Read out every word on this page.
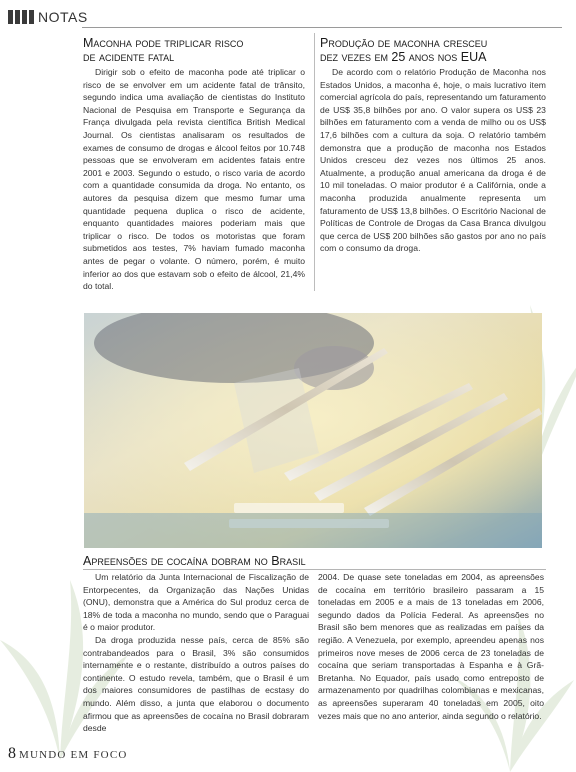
NOTAS
Maconha pode triplicar risco
de acidente fatal

Dirigir sob o efeito de maconha pode até triplicar o risco de se envolver em um acidente fatal de trânsito, segundo indica uma avaliação de cientistas do Instituto Nacional de Pesquisa em Transporte e Segurança da França divulgada pela revista científica British Medical Journal. Os cientistas analisaram os resultados de exames de consumo de drogas e álcool feitos por 10.748 pessoas que se envolveram em acidentes fatais entre 2001 e 2003. Segundo o estudo, o risco varia de acordo com a quantidade consumida da droga. No entanto, os autores da pesquisa dizem que mesmo fumar uma quantidade pequena duplica o risco de acidente, enquanto quantidades maiores poderiam mais que triplicar o risco. De todos os motoristas que foram submetidos aos testes, 7% haviam fumado maconha antes de pegar o volante. O número, porém, é muito inferior ao dos que estavam sob o efeito de álcool, 21,4% do total.

Produção de maconha cresceu
dez vezes em 25 anos nos EUA

De acordo com o relatório Produção de Maconha nos Estados Unidos, a maconha é, hoje, o mais lucrativo item comercial agrícola do país, representando um faturamento de US$ 35,8 bilhões por ano. O valor supera os US$ 23 bilhões em faturamento com a venda de milho ou os US$ 17,6 bilhões com a cultura da soja. O relatório também demonstra que a produção de maconha nos Estados Unidos cresceu dez vezes nos últimos 25 anos. Atualmente, a produção anual americana da droga é de 10 mil toneladas. O maior produtor é a Califórnia, onde a maconha produzida anualmente representa um faturamento de US$ 13,8 bilhões. O Escritório Nacional de Políticas de Controle de Drogas da Casa Branca divulgou que cerca de US$ 200 bilhões são gastos por ano no país com o consumo da droga.

Apreensões de cocaína dobram no Brasil

Um relatório da Junta Internacional de Fiscalização de Entorpecentes, da Organização das Nações Unidas (ONU), demonstra que a América do Sul produz cerca de 18% de toda a maconha no mundo, sendo que o Paraguai é o maior produtor.

Da droga produzida nesse país, cerca de 85% são contrabandeados para o Brasil, 3% são consumidos internamente e o restante, distribuído a outros países do continente. O estudo revela, também, que o Brasil é um dos maiores consumidores de pastilhas de ecstasy do mundo. Além disso, a junta que elaborou o documento afirmou que as apreensões de cocaína no Brasil dobraram desde

2004. De quase sete toneladas em 2004, as apreensões de cocaína em território brasileiro passaram a 15 toneladas em 2005 e a mais de 13 toneladas em 2006, segundo dados da Polícia Federal. As apreensões no Brasil são bem menores que as realizadas em países da região. A Venezuela, por exemplo, apreendeu apenas nos primeiros nove meses de 2006 cerca de 23 toneladas de cocaína que seriam transportadas à Espanha e à Grã-Bretanha. No Equador, país usado como entreposto de armazenamento por quadrilhas colombianas e mexicanas, as apreensões superaram 40 toneladas em 2005, oito vezes mais que no ano anterior, ainda segundo o relatório.

8 MUNDO EM FOCO
